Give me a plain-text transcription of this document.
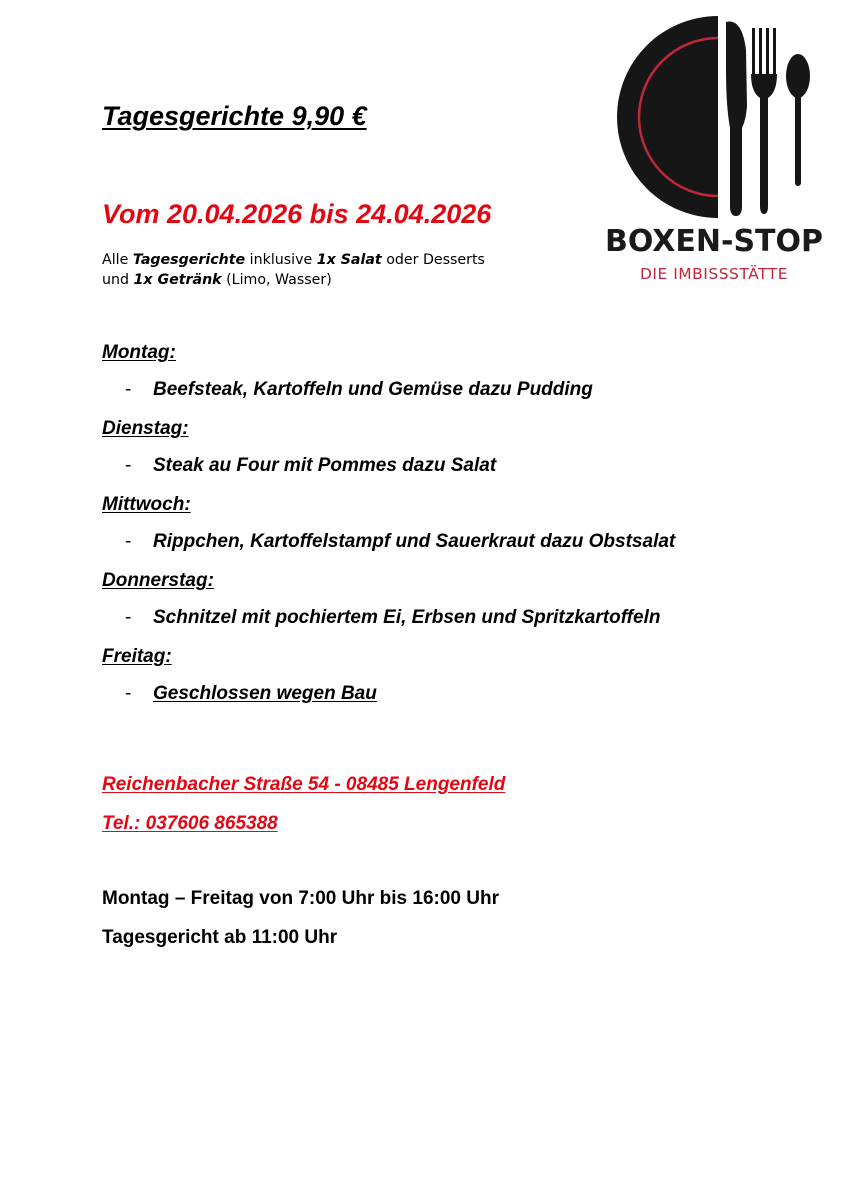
Tagesgerichte 9,90 €
Vom 20.04.2026 bis 24.04.2026
Alle Tagesgerichte inklusive 1x Salat oder Desserts
und 1x Getränk (Limo, Wasser)
BOXEN-STOP
DIE IMBISSSTÄTTE
Montag:
- Beefsteak, Kartoffeln und Gemüse dazu Pudding
Dienstag:
- Steak au Four mit Pommes dazu Salat
Mittwoch:
- Rippchen, Kartoffelstampf und Sauerkraut dazu Obstsalat
Donnerstag:
- Schnitzel mit pochiertem Ei, Erbsen und Spritzkartoffeln
Freitag:
- Geschlossen wegen Bau
Reichenbacher Straße 54 - 08485 Lengenfeld
Tel.: 037606 865388
Montag – Freitag von 7:00 Uhr bis 16:00 Uhr
Tagesgericht ab 11:00 Uhr
